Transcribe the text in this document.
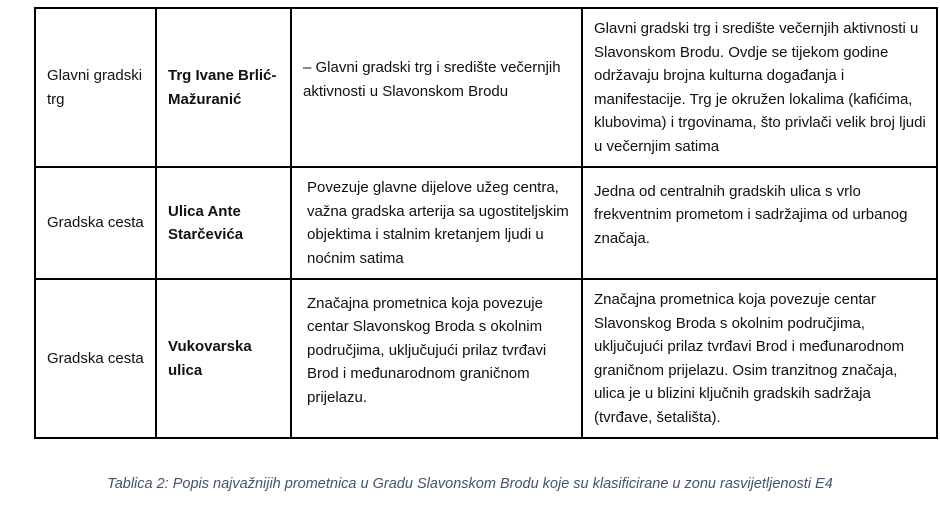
Glavni gradski trg	Trg Ivane Brlić-Mažuranić	– Glavni gradski trg i središte večernjih aktivnosti u Slavonskom Brodu	Glavni gradski trg i središte večernjih aktivnosti u Slavonskom Brodu. Ovdje se tijekom godine održavaju brojna kulturna događanja i manifestacije. Trg je okružen lokalima (kafićima, klubovima) i trgovinama, što privlači velik broj ljudi u večernjim satima
Gradska cesta	Ulica Ante Starčevića	Povezuje glavne dijelove užeg centra, važna gradska arterija sa ugostiteljskim objektima i stalnim kretanjem ljudi u noćnim satima	Jedna od centralnih gradskih ulica s vrlo frekventnim prometom i sadržajima od urbanog značaja.

Gradska cesta	Vukovarska ulica	Značajna prometnica koja povezuje centar Slavonskog Broda s okolnim područjima, uključujući prilaz tvrđavi Brod i međunarodnom graničnom prijelazu.	Značajna prometnica koja povezuje centar Slavonskog Broda s okolnim područjima, uključujući prilaz tvrđavi Brod i međunarodnom graničnom prijelazu. Osim tranzitnog značaja, ulica je u blizini ključnih gradskih sadržaja (tvrđave, šetališta).
Tablica 2: Popis najvažnijih prometnica u Gradu Slavonskom Brodu koje su klasificirane u zonu rasvijetljenosti E4
